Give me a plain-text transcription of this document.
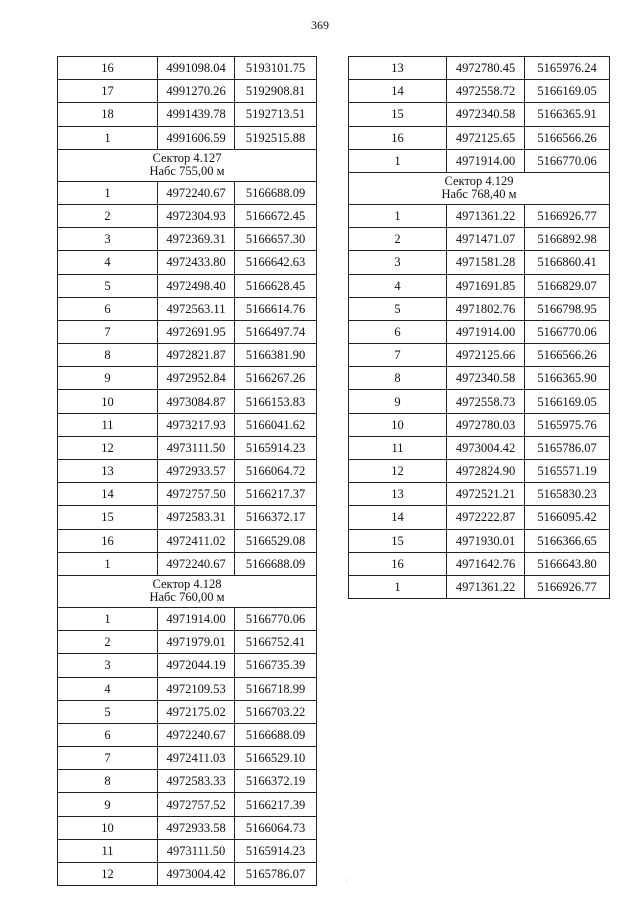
369
16	4991098.04	5193101.75
17	4991270.26	5192908.81
18	4991439.78	5192713.51
1	4991606.59	5192515.88

Сектор 4.127
Набс 755,00 м		

1	4972240.67	5166688.09
2	4972304.93	5166672.45
3	4972369.31	5166657.30
4	4972433.80	5166642.63
5	4972498.40	5166628.45
6	4972563.11	5166614.76
7	4972691.95	5166497.74
8	4972821.87	5166381.90
9	4972952.84	5166267.26
10	4973084.87	5166153.83
11	4973217.93	5166041.62
12	4973111.50	5165914.23
13	4972933.57	5166064.72
14	4972757.50	5166217.37
15	4972583.31	5166372.17
16	4972411.02	5166529.08
1	4972240.67	5166688.09

Сектор 4.128
Набс 760,00 м		

1	4971914.00	5166770.06
2	4971979.01	5166752.41
3	4972044.19	5166735.39
4	4972109.53	5166718.99
5	4972175.02	5166703.22
6	4972240.67	5166688.09
7	4972411.03	5166529.10
8	4972583.33	5166372.19
9	4972757.52	5166217.39
10	4972933.58	5166064.73
11	4973111.50	5165914.23
12	4973004.42	5165786.07
13	4972780.45	5165976.24
14	4972558.72	5166169.05
15	4972340.58	5166365.91
16	4972125.65	5166566.26
1	4971914.00	5166770.06

Сектор 4.129
Набс 768,40 м		

1	4971361.22	5166926.77
2	4971471.07	5166892.98
3	4971581.28	5166860.41
4	4971691.85	5166829.07
5	4971802.76	5166798.95
6	4971914.00	5166770.06
7	4972125.66	5166566.26
8	4972340.58	5166365.90
9	4972558.73	5166169.05
10	4972780.03	5165975.76
11	4973004.42	5165786.07
12	4972824.90	5165571.19
13	4972521.21	5165830.23
14	4972222.87	5166095.42
15	4971930.01	5166366.65
16	4971642.76	5166643.80
1	4971361.22	5166926.77
·
